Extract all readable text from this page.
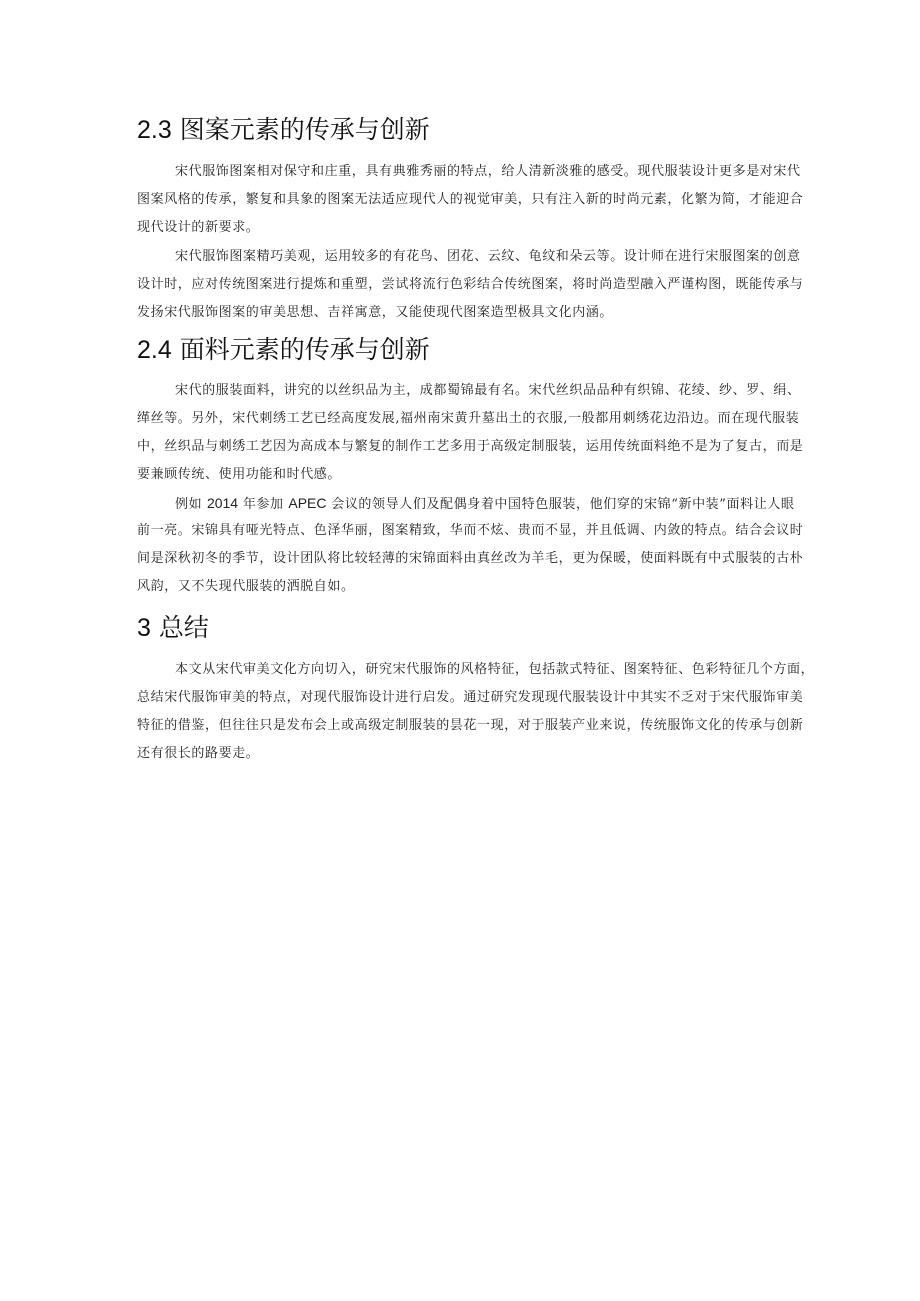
2.3 图案元素的传承与创新

宋代服饰图案相对保守和庄重，具有典雅秀丽的特点，给人清新淡雅的感受。现代服装设计更多是对宋代
图案风格的传承，繁复和具象的图案无法适应现代人的视觉审美，只有注入新的时尚元素，化繁为简，才能迎合
现代设计的新要求。

宋代服饰图案精巧美观，运用较多的有花鸟、团花、云纹、龟纹和朵云等。设计师在进行宋服图案的创意
设计时，应对传统图案进行提炼和重塑，尝试将流行色彩结合传统图案，将时尚造型融入严谨构图，既能传承与
发扬宋代服饰图案的审美思想、吉祥寓意，又能使现代图案造型极具文化内涵。

2.4 面料元素的传承与创新

宋代的服装面料，讲究的以丝织品为主，成都蜀锦最有名。宋代丝织品品种有织锦、花绫、纱、罗、绢、
缂丝等。另外，宋代刺绣工艺已经高度发展,福州南宋黄升墓出土的衣服,一般都用刺绣花边沿边。而在现代服装
中，丝织品与刺绣工艺因为高成本与繁复的制作工艺多用于高级定制服装，运用传统面料绝不是为了复古，而是
要兼顾传统、使用功能和时代感。

例如 2014 年参加 APEC 会议的领导人们及配偶身着中国特色服装，他们穿的宋锦“新中装”面料让人眼
前一亮。宋锦具有哑光特点、色泽华丽，图案精致，华而不炫、贵而不显，并且低调、内敛的特点。结合会议时
间是深秋初冬的季节，设计团队将比较轻薄的宋锦面料由真丝改为羊毛，更为保暖，使面料既有中式服装的古朴
风韵，又不失现代服装的洒脱自如。

3 总结

本文从宋代审美文化方向切入，研究宋代服饰的风格特征，包括款式特征、图案特征、色彩特征几个方面，
总结宋代服饰审美的特点，对现代服饰设计进行启发。通过研究发现现代服装设计中其实不乏对于宋代服饰审美
特征的借鉴，但往往只是发布会上或高级定制服装的昙花一现，对于服装产业来说，传统服饰文化的传承与创新
还有很长的路要走。
